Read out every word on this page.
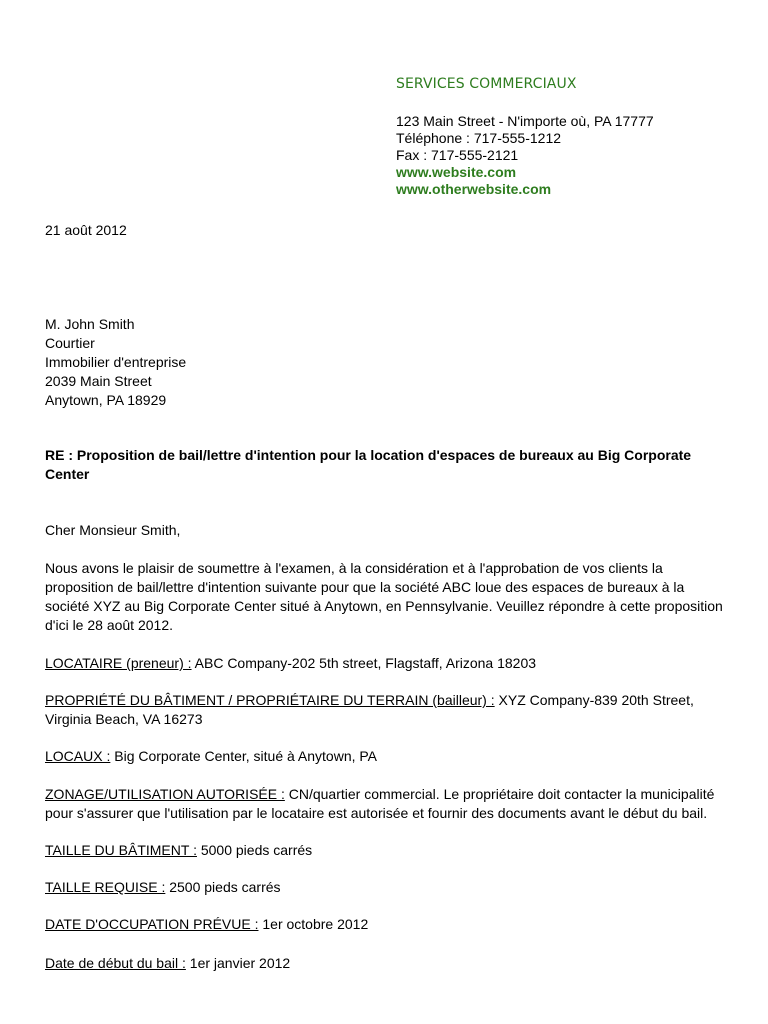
SERVICES COMMERCIAUX
123 Main Street - N'importe où, PA 17777
Téléphone : 717-555-1212
Fax : 717-555-2121
www.website.com
www.otherwebsite.com
21 août 2012
M. John Smith
Courtier
Immobilier d'entreprise
2039 Main Street
Anytown, PA 18929
RE : Proposition de bail/lettre d'intention pour la location d'espaces de bureaux au Big Corporate Center
Cher Monsieur Smith,
Nous avons le plaisir de soumettre à l'examen, à la considération et à l'approbation de vos clients la proposition de bail/lettre d'intention suivante pour que la société ABC loue des espaces de bureaux à la société XYZ au Big Corporate Center situé à Anytown, en Pennsylvanie. Veuillez répondre à cette proposition d'ici le 28 août 2012.
LOCATAIRE (preneur) : ABC Company-202 5th street, Flagstaff, Arizona 18203
PROPRIÉTÉ DU BÂTIMENT / PROPRIÉTAIRE DU TERRAIN (bailleur) : XYZ Company-839 20th Street, Virginia Beach, VA 16273
LOCAUX : Big Corporate Center, situé à Anytown, PA
ZONAGE/UTILISATION AUTORISÉE : CN/quartier commercial. Le propriétaire doit contacter la municipalité pour s'assurer que l'utilisation par le locataire est autorisée et fournir des documents avant le début du bail.
TAILLE DU BÂTIMENT : 5000 pieds carrés
TAILLE REQUISE : 2500 pieds carrés
DATE D'OCCUPATION PRÉVUE : 1er octobre 2012
Date de début du bail : 1er janvier 2012
